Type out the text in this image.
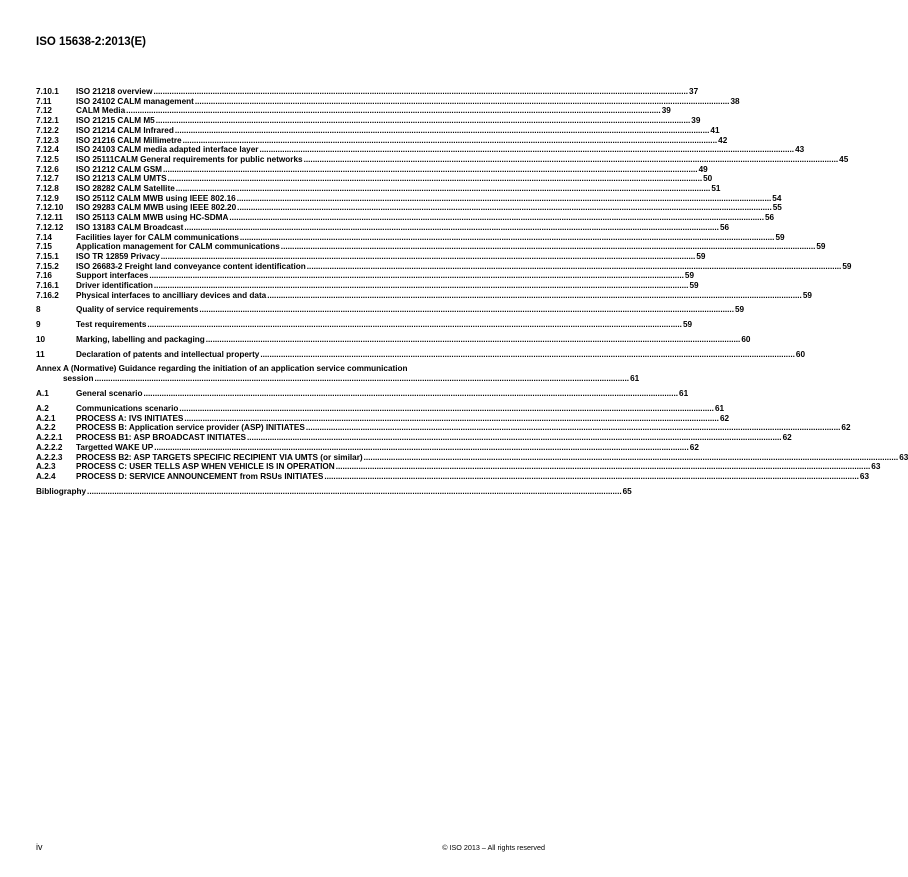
ISO 15638-2:2013(E)
7.10.1	ISO 21218 overview .....	37
7.11	ISO 24102 CALM management .....	38
7.12	CALM Media .....	39
7.12.1	ISO 21215 CALM M5 .....	39
7.12.2	ISO 21214 CALM Infrared .....	41
7.12.3	ISO 21216 CALM Millimetre .....	42
7.12.4	ISO 24103 CALM media adapted interface layer .....	43
7.12.5	ISO 25111CALM General requirements for public networks .....	45
7.12.6	ISO 21212 CALM GSM .....	49
7.12.7	ISO 21213 CALM UMTS .....	50
7.12.8	ISO 28282 CALM Satellite .....	51
7.12.9	ISO 25112 CALM MWB using IEEE 802.16 .....	54
7.12.10	ISO 29283 CALM MWB using IEEE 802.20 .....	55
7.12.11	ISO 25113 CALM MWB using HC-SDMA .....	56
7.12.12	ISO 13183 CALM Broadcast .....	56
7.14	Facilities layer for CALM communications .....	59
7.15	Application management for CALM communications .....	59
7.15.1	ISO TR 12859 Privacy .....	59
7.15.2	ISO 26683-2 Freight land conveyance content identification .....	59
7.16	Support interfaces .....	59
7.16.1	Driver identification .....	59
7.16.2	Physical interfaces to ancilliary devices and data .....	59
8	Quality of service requirements .....	59
9	Test requirements .....	59
10	Marking, labelling and packaging .....	60
11	Declaration of patents and intellectual property .....	60
Annex A (Normative) Guidance regarding the initiation of an application service communication
session .....	61
A.1	General scenario .....	61
A.2	Communications scenario .....	61
A.2.1	PROCESS A: IVS INITIATES .....	62
A.2.2	PROCESS B: Application service provider (ASP) INITIATES .....	62
A.2.2.1	PROCESS B1: ASP BROADCAST INITIATES .....	62
A.2.2.2	Targetted WAKE UP .....	62
A.2.2.3	PROCESS B2: ASP TARGETS SPECIFIC RECIPIENT VIA UMTS (or similar) .....	63
A.2.3	PROCESS C: USER TELLS ASP WHEN VEHICLE IS IN OPERATION .....	63
A.2.4	PROCESS D: SERVICE ANNOUNCEMENT from RSUs INITIATES .....	63
Bibliography .....	65
iv	© ISO 2013 – All rights reserved
